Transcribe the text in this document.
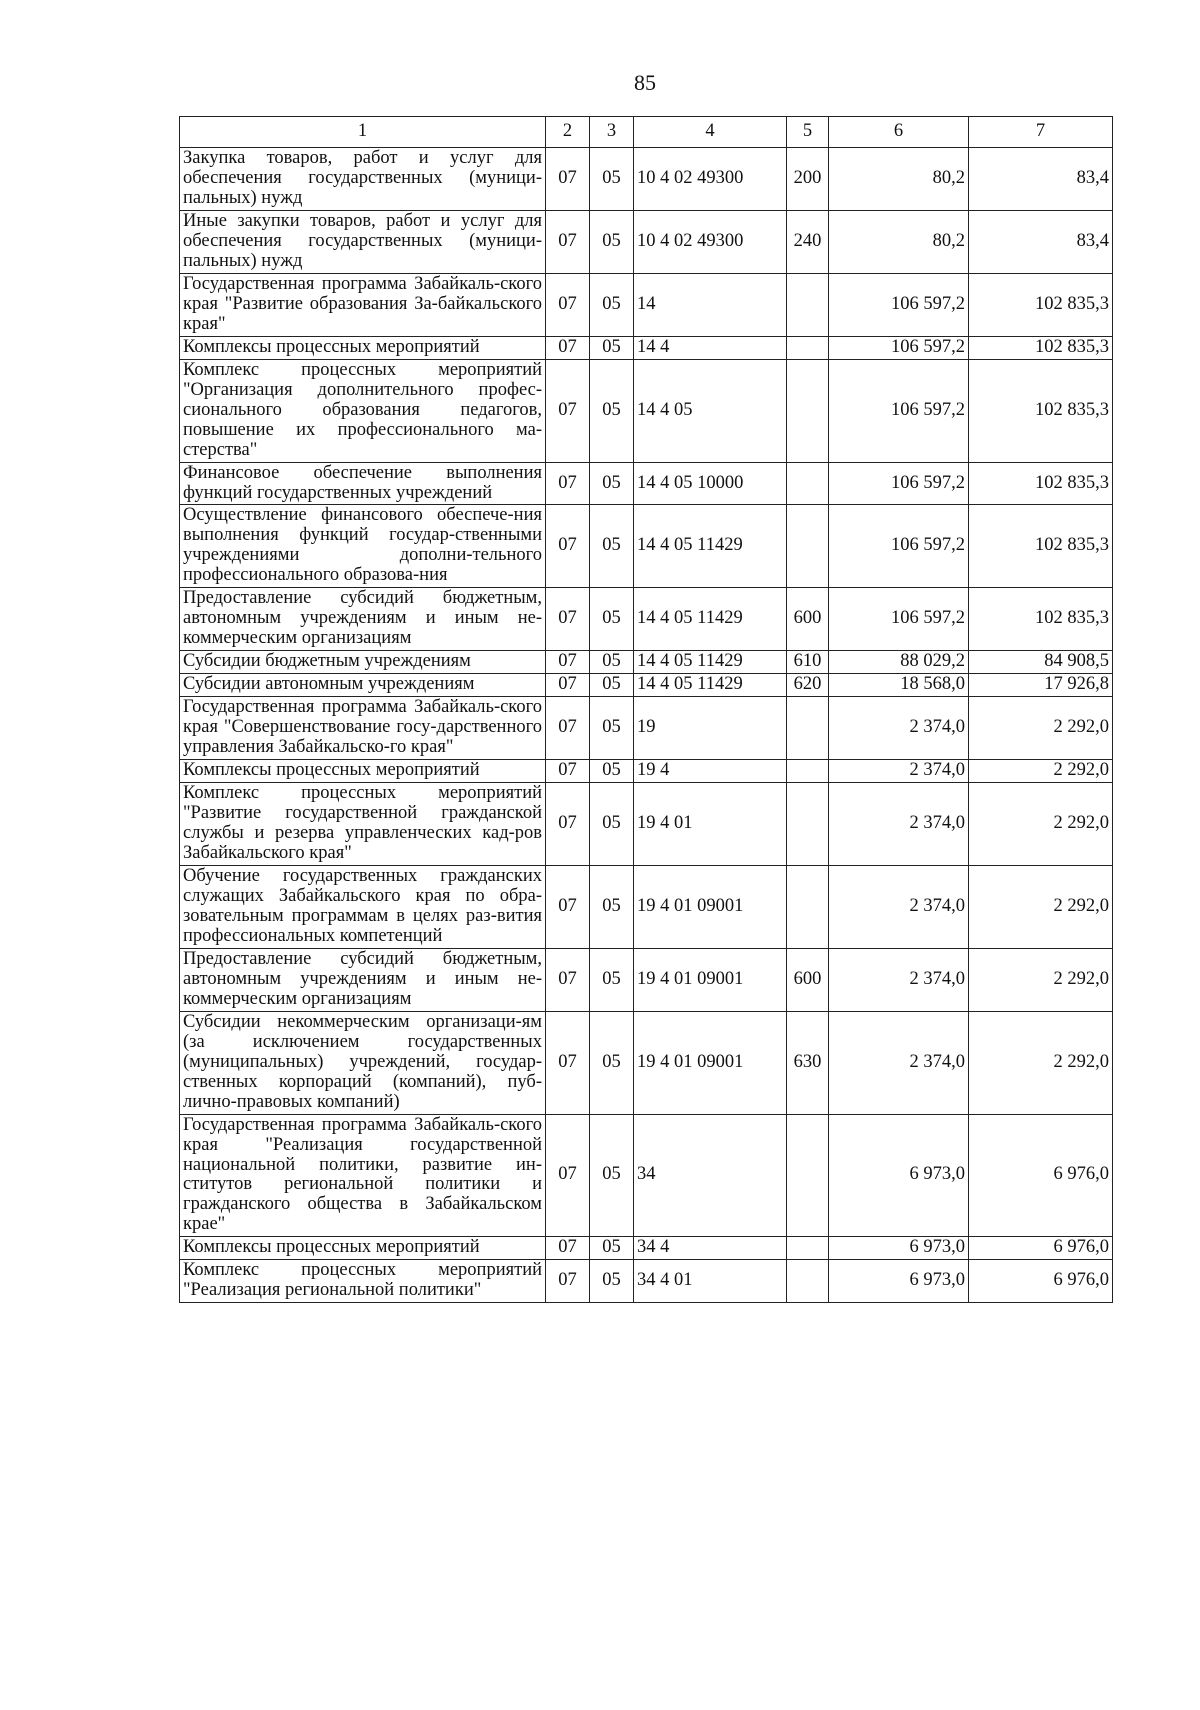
85
1	2	3	4	5	6	7
Закупка товаров, работ и услуг для обеспечения государственных (муници-пальных) нужд	07	05	10 4 02 49300	200	80,2	83,4
Иные закупки товаров, работ и услуг для обеспечения государственных (муници-пальных) нужд	07	05	10 4 02 49300	240	80,2	83,4
Государственная программа Забайкаль-ского края "Развитие образования За-байкальского края"	07	05	14		106 597,2	102 835,3
Комплексы процессных мероприятий	07	05	14 4		106 597,2	102 835,3
Комплекс процессных мероприятий "Организация дополнительного профес-сионального образования педагогов, повышение их профессионального ма-стерства"	07	05	14 4 05		106 597,2	102 835,3
Финансовое обеспечение выполнения функций государственных учреждений	07	05	14 4 05 10000		106 597,2	102 835,3
Осуществление финансового обеспече-ния выполнения функций государ-ственными учреждениями дополни-тельного профессионального образова-ния	07	05	14 4 05 11429		106 597,2	102 835,3
Предоставление субсидий бюджетным, автономным учреждениям и иным не-коммерческим организациям	07	05	14 4 05 11429	600	106 597,2	102 835,3
Субсидии бюджетным учреждениям	07	05	14 4 05 11429	610	88 029,2	84 908,5
Субсидии автономным учреждениям	07	05	14 4 05 11429	620	18 568,0	17 926,8
Государственная программа Забайкаль-ского края "Совершенствование госу-дарственного управления Забайкальско-го края"	07	05	19		2 374,0	2 292,0
Комплексы процессных мероприятий	07	05	19 4		2 374,0	2 292,0
Комплекс процессных мероприятий "Развитие государственной гражданской службы и резерва управленческих кад-ров Забайкальского края"	07	05	19 4 01		2 374,0	2 292,0
Обучение государственных гражданских служащих Забайкальского края по обра-зовательным программам в целях раз-вития профессиональных компетенций	07	05	19 4 01 09001		2 374,0	2 292,0
Предоставление субсидий бюджетным, автономным учреждениям и иным не-коммерческим организациям	07	05	19 4 01 09001	600	2 374,0	2 292,0
Субсидии некоммерческим организаци-ям (за исключением государственных (муниципальных) учреждений, государ-ственных корпораций (компаний), пуб-лично-правовых компаний)	07	05	19 4 01 09001	630	2 374,0	2 292,0
Государственная программа Забайкаль-ского края "Реализация государственной национальной политики, развитие ин-ститутов региональной политики и гражданского общества в Забайкальском крае"	07	05	34		6 973,0	6 976,0
Комплексы процессных мероприятий	07	05	34 4		6 973,0	6 976,0
Комплекс процессных мероприятий "Реализация региональной политики"	07	05	34 4 01		6 973,0	6 976,0
